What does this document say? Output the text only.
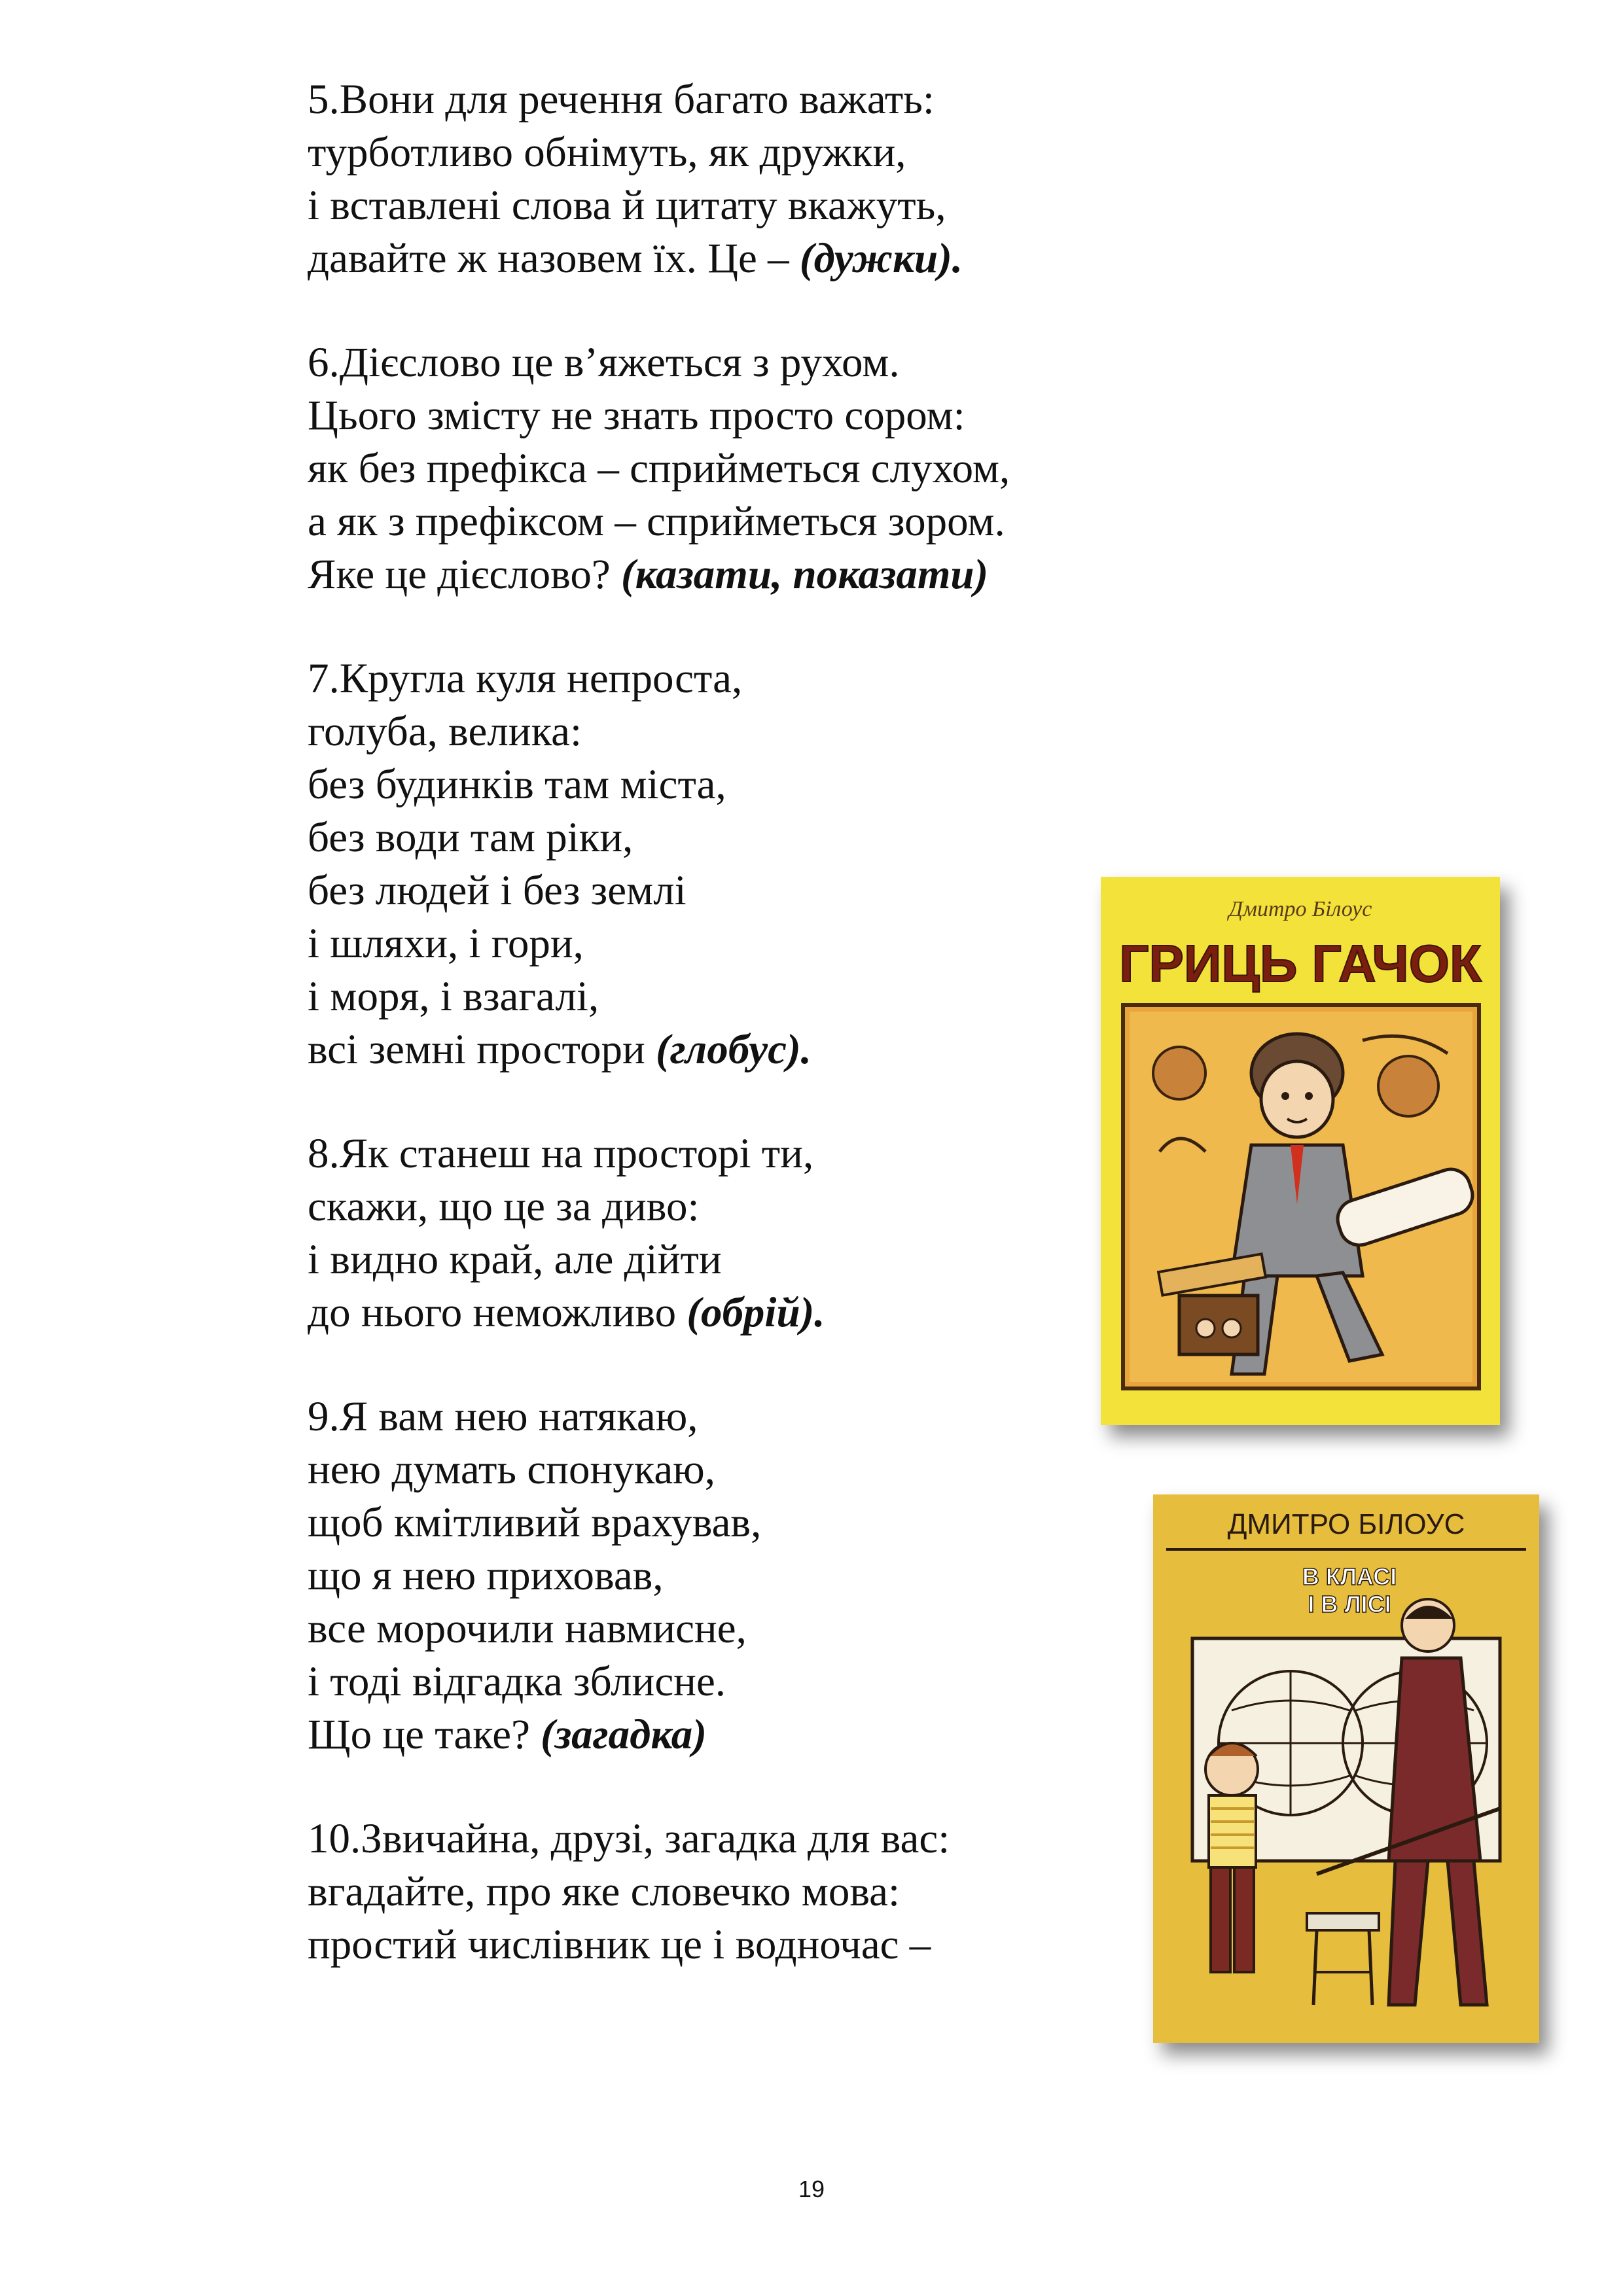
5.Вони для речення багато важать:
турботливо обнімуть, як дружки,
і вставлені слова й цитату вкажуть,
давайте ж назовем їх. Це – (дужки).
6.Дієслово це в’яжеться з рухом.
Цього змісту не знать просто сором:
як без префікса – сприйметься слухом,
а як з префіксом – сприйметься зором.
Яке це дієслово? (казати, показати)
7.Кругла куля непроста,
голуба, велика:
без будинків там міста,
без води там ріки,
без людей і без землі
і шляхи, і гори,
і моря, і взагалі,
всі земні простори (глобус).
8.Як станеш на просторі ти,
скажи, що це за диво:
і видно край, але дійти
до нього неможливо (обрій).
9.Я вам нею натякаю,
нею думать спонукаю,
щоб кмітливий врахував,
що я нею приховав,
все морочили навмисне,
і тоді відгадка зблисне.
Що це таке? (загадка)
10.Звичайна, друзі, загадка для вас:
вгадайте, про яке словечко мова:
простий числівник це і водночас –
Дмитро Білоус
ГРИЦЬ ГАЧОК
ДМИТРО БІЛОУС
В КЛАСІ
І В ЛІСІ
19
